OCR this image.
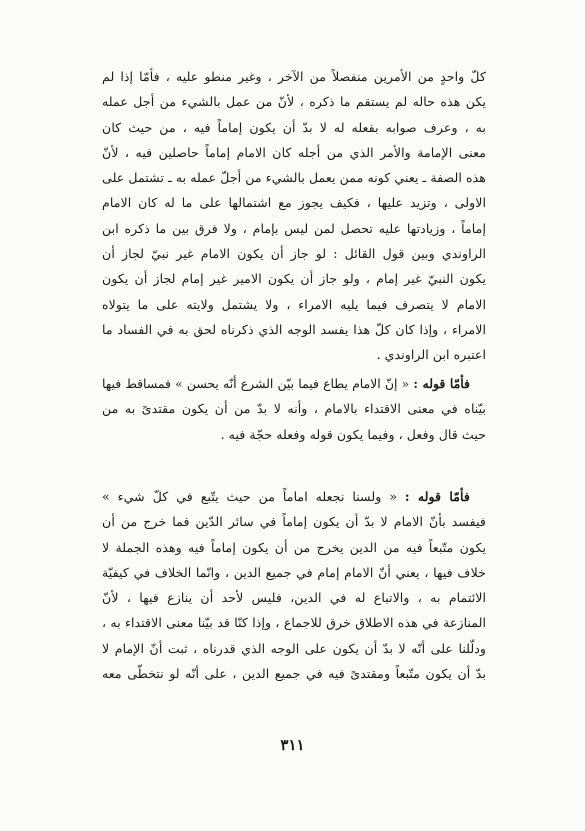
كلّ واحدٍ من الأمرين منفصلاً من الآخر ، وغير منطو عليه ، فأمّا إذا لم
يكن هذه حاله لم يستقم ما ذكره ، لأنّ من عمل بالشيء من أجل عمله
به ، وعرف صوابه بفعله له لا بدّ أن يكون إماماً فيه ، من حيث كان
معنى الإمامة والأمر الذي من أجله كان الامام إماماً حاصلين فيه ، لأنّ
هذه الصفة ـ يعني كونه ممن يعمل بالشيء من أجلّ عمله به ـ تشتمل على
الاولى ، وتزيد عليها ، فكيف يجوز مع اشتمالها على ما له كان الامام
إماماً ، وزيادتها عليه تحصل لمن ليس بإمام ، ولا فرق بين ما ذكره ابن
الراوندي وبين قول القائل : لو جاز أن يكون الامام غير نبيّ لجاز أن
يكون النبيّ غير إمام ، ولو جاز أن يكون الامير غير إمام لجاز أن يكون
الامام لا يتصرف فيما يليه الامراء ، ولا يشتمل ولايته على ما يتولاه
الامراء ، وإذا كان كلّ هذا يفسد الوجه الذي ذكرناه لحق به في الفساد ما
اعتبره ابن الراوندي .
فأمّا قوله : « إنّ الامام يطاع فيما بيّن الشرع أنّه يحسن » فمساقط فيها
بيّناه في معنى الاقتداء بالامام ، وأنه لا بدّ من أن يكون مقتدىً به من
حيث قال وفعل ، وفيما يكون قوله وفعله حجّة فيه .
فأمّا قوله : « ولسنا نجعله اماماً من حيث يتّبع في كلّ شيء »
فيفسد بأنّ الامام لا بدّ أن يكون إماماً في سائر الدّين فما خرج من أن
يكون متّبعاً فيه من الدين يخرج من أن يكون إماماً فيه وهذه الجملة لا
خلاف فيها ، يعني أنّ الامام إمام في جميع الدين ، وانّما الخلاف في كيفيّة
الائتمام به ، والاتباع له في الدين، فليس لأحد أن ينازع فيها ، لأنّ
المنازعة في هذه الاطلاق خرق للاجماع ، وإذا كنّا قد بيّنا معنى الاقتداء به ،
ودلّلنا على أنّه لا بدّ أن يكون على الوجه الذي قدرناه ، ثبت أنّ الإمام لا
بدّ أن يكون متّبعاً ومقتدىً فيه في جميع الدين ، على أنّه لو نتخطّى معه
٣١١
